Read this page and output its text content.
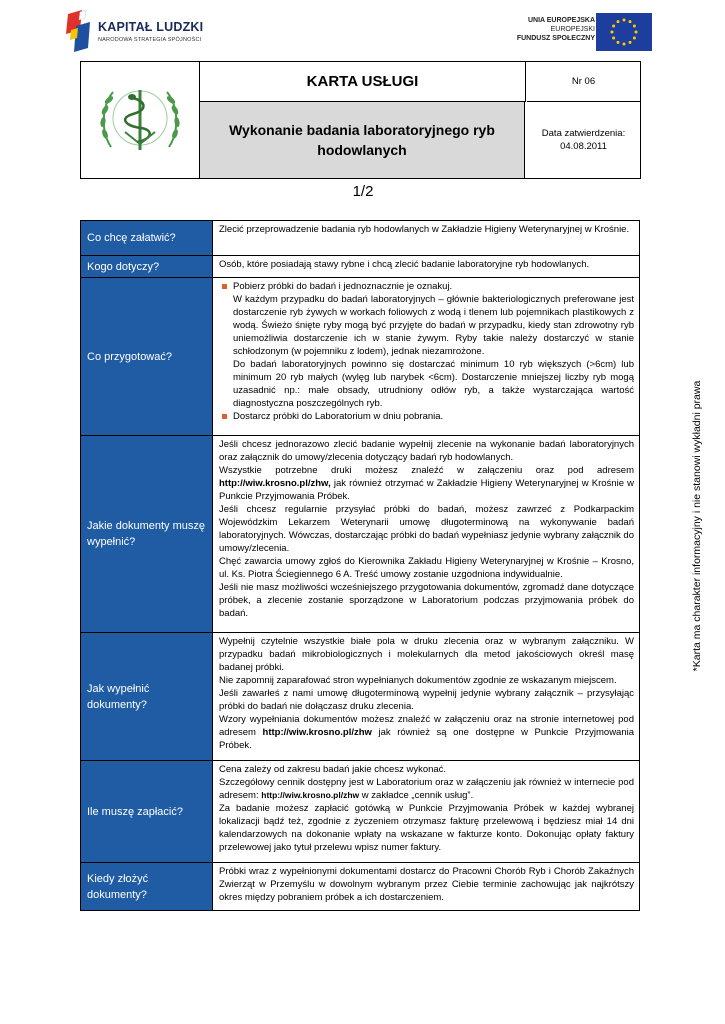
KAPITAŁ LUDZKI
NARODOWA STRATEGIA SPÓJNOŚCI
UNIA EUROPEJSKA
EUROPEJSKI
FUNDUSZ SPOŁECZNY
KARTA USŁUGI	Nr 06
Wykonanie badania laboratoryjnego ryb hodowlanych
Data zatwierdzenia:
04.08.2011
1/2
Co chcę załatwić?	Zlecić przeprowadzenie badania ryb hodowlanych w Zakładzie Higieny Weterynaryjnej w Krośnie.
Kogo dotyczy?	Osób, które posiadają stawy rybne i chcą zlecić badanie laboratoryjne ryb hodowlanych.
Co przygotować?	Pobierz próbki do badań i jednoznacznie je oznakuj.
W każdym przypadku do badań laboratoryjnych – głównie bakteriologicznych preferowane jest dostarczenie ryb żywych w workach foliowych z wodą i tlenem lub pojemnikach plastikowych z wodą. Świeżo śnięte ryby mogą być przyjęte do badań w przypadku, kiedy stan zdrowotny ryb uniemożliwia dostarczenie ich w stanie żywym. Ryby takie należy dostarczyć w stanie schłodzonym (w pojemniku z lodem), jednak niezamrożone.
Do badań laboratoryjnych powinno się dostarczać minimum 10 ryb większych (>6cm) lub minimum 20 ryb małych (wylęg lub narybek <6cm). Dostarczenie mniejszej liczby ryb mogą uzasadnić np.: małe obsady, utrudniony odłów ryb, a także wystarczająca wartość diagnostyczna poszczególnych ryb.
Dostarcz próbki do Laboratorium w dniu pobrania.

Jakie dokumenty muszę wypełnić?	Jeśli chcesz jednorazowo zlecić badanie wypełnij zlecenie na wykonanie badań laboratoryjnych oraz załącznik do umowy/zlecenia dotyczący badań ryb hodowlanych.
Wszystkie potrzebne druki możesz znaleźć w załączeniu oraz pod adresem http://wiw.krosno.pl/zhw, jak również otrzymać w Zakładzie Higieny Weterynaryjnej w Krośnie w Punkcie Przyjmowania Próbek.
Jeśli chcesz regularnie przysyłać próbki do badań, możesz zawrzeć z Podkarpackim Wojewódzkim Lekarzem Weterynarii umowę długoterminową na wykonywanie badań laboratoryjnych. Wówczas, dostarczając próbki do badań wypełniasz jedynie wybrany załącznik do umowy/zlecenia.
Chęć zawarcia umowy zgłoś do Kierownika Zakładu Higieny Weterynaryjnej w Krośnie – Krosno, ul. Ks. Piotra Ściegiennego 6 A. Treść umowy zostanie uzgodniona indywidualnie.
Jeśli nie masz możliwości wcześniejszego przygotowania dokumentów, zgromadź dane dotyczące próbek, a zlecenie zostanie sporządzone w Laboratorium podczas przyjmowania próbek do badań.

Jak wypełnić dokumenty?	Wypełnij czytelnie wszystkie białe pola w druku zlecenia oraz w wybranym załączniku. W przypadku badań mikrobiologicznych i molekularnych dla metod jakościowych określ masę badanej próbki.
Nie zapomnij zaparafować stron wypełnianych dokumentów zgodnie ze wskazanym miejscem.
Jeśli zawarłeś z nami umowę długoterminową wypełnij jedynie wybrany załącznik – przysyłając próbki do badań nie dołączasz druku zlecenia.
Wzory wypełniania dokumentów możesz znaleźć w załączeniu oraz na stronie internetowej pod adresem http://wiw.krosno.pl/zhw jak również są one dostępne w Punkcie Przyjmowania Próbek.

Ile muszę zapłacić?	Cena zależy od zakresu badań jakie chcesz wykonać.
Szczegółowy cennik dostępny jest w Laboratorium oraz w załączeniu jak również w internecie pod adresem: http://wiw.krosno.pl/zhw w zakładce „cennik usług”.
Za badanie możesz zapłacić gotówką w Punkcie Przyjmowania Próbek w każdej wybranej lokalizacji bądź też, zgodnie z życzeniem otrzymasz fakturę przelewową i będziesz miał 14 dni kalendarzowych na dokonanie wpłaty na wskazane w fakturze konto. Dokonując opłaty faktury przelewowej jako tytuł przelewu wpisz numer faktury.

Kiedy złożyć dokumenty?	Próbki wraz z wypełnionymi dokumentami dostarcz do Pracowni Chorób Ryb i Chorób Zakaźnych Zwierząt w Przemyślu w dowolnym wybranym przez Ciebie terminie zachowując jak najkrótszy okres między pobraniem próbek a ich dostarczeniem.
*Karta ma charakter informacyjny i nie stanowi wykładni prawa
